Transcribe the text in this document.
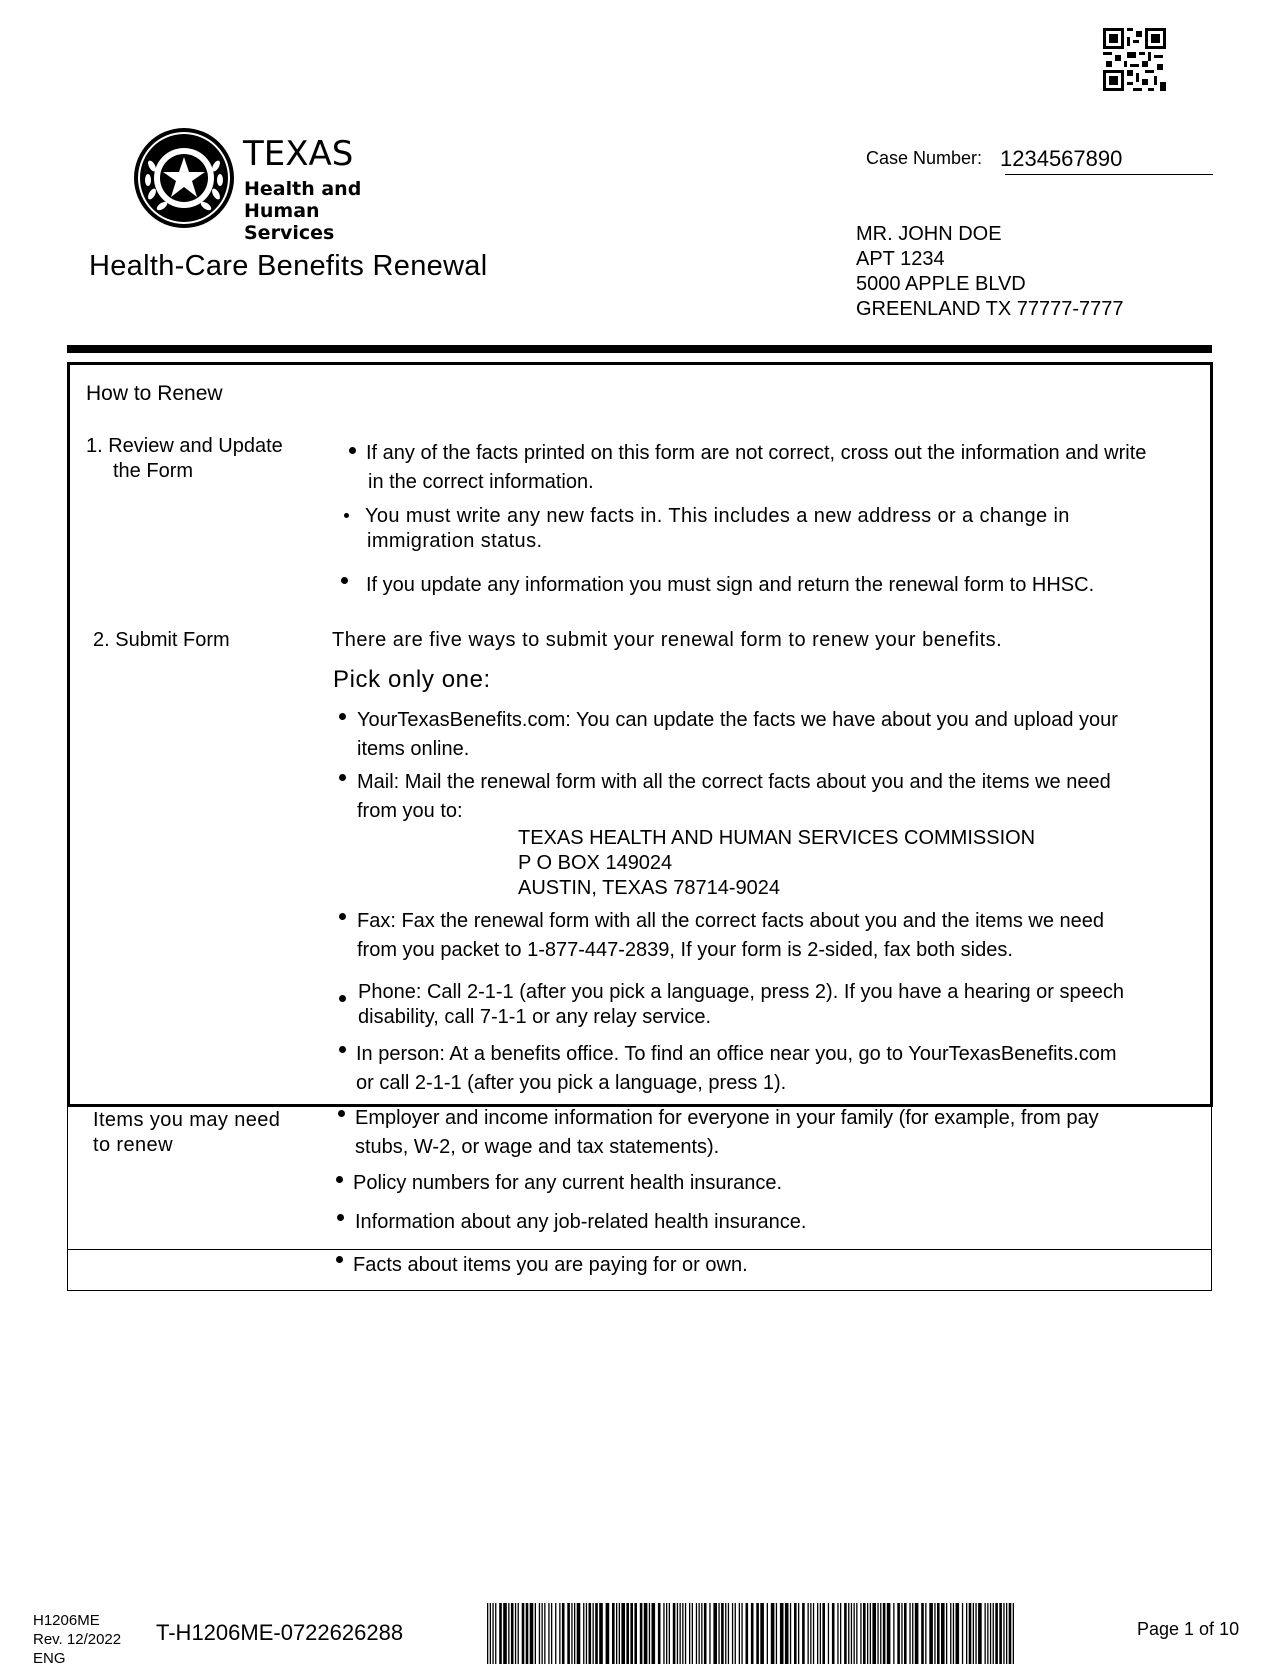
TEXAS
Health and Human
Services
Health-Care Benefits Renewal
Case Number: 1234567890
MR. JOHN DOE
APT 1234
5000 APPLE BLVD
GREENLAND TX 77777-7777
How to Renew
1. Review and Update
the Form
If any of the facts printed on this form are not correct, cross out the information and write
in the correct information.
You must write any new facts in. This includes a new address or a change in
immigration status.
If you update any information you must sign and return the renewal form to HHSC.
2. Submit Form	There are five ways to submit your renewal form to renew your benefits.
Pick only one:
YourTexasBenefits.com: You can update the facts we have about you and upload your
items online.
Mail: Mail the renewal form with all the correct facts about you and the items we need
from you to:
TEXAS HEALTH AND HUMAN SERVICES COMMISSION
P O BOX 149024
AUSTIN, TEXAS 78714-9024
Fax: Fax the renewal form with all the correct facts about you and the items we need
from you packet to 1-877-447-2839, If your form is 2-sided, fax both sides.
Phone: Call 2-1-1 (after you pick a language, press 2). If you have a hearing or speech
disability, call 7-1-1 or any relay service.
In person: At a benefits office. To find an office near you, go to YourTexasBenefits.com
or call 2-1-1 (after you pick a language, press 1).
Items you may need
to renew
Employer and income information for everyone in your family (for example, from pay
stubs, W-2, or wage and tax statements).
Policy numbers for any current health insurance.
Information about any job-related health insurance.
Facts about items you are paying for or own.
H1206ME
Rev. 12/2022
ENG
T-H1206ME-0722626288	Page 1 of 10
